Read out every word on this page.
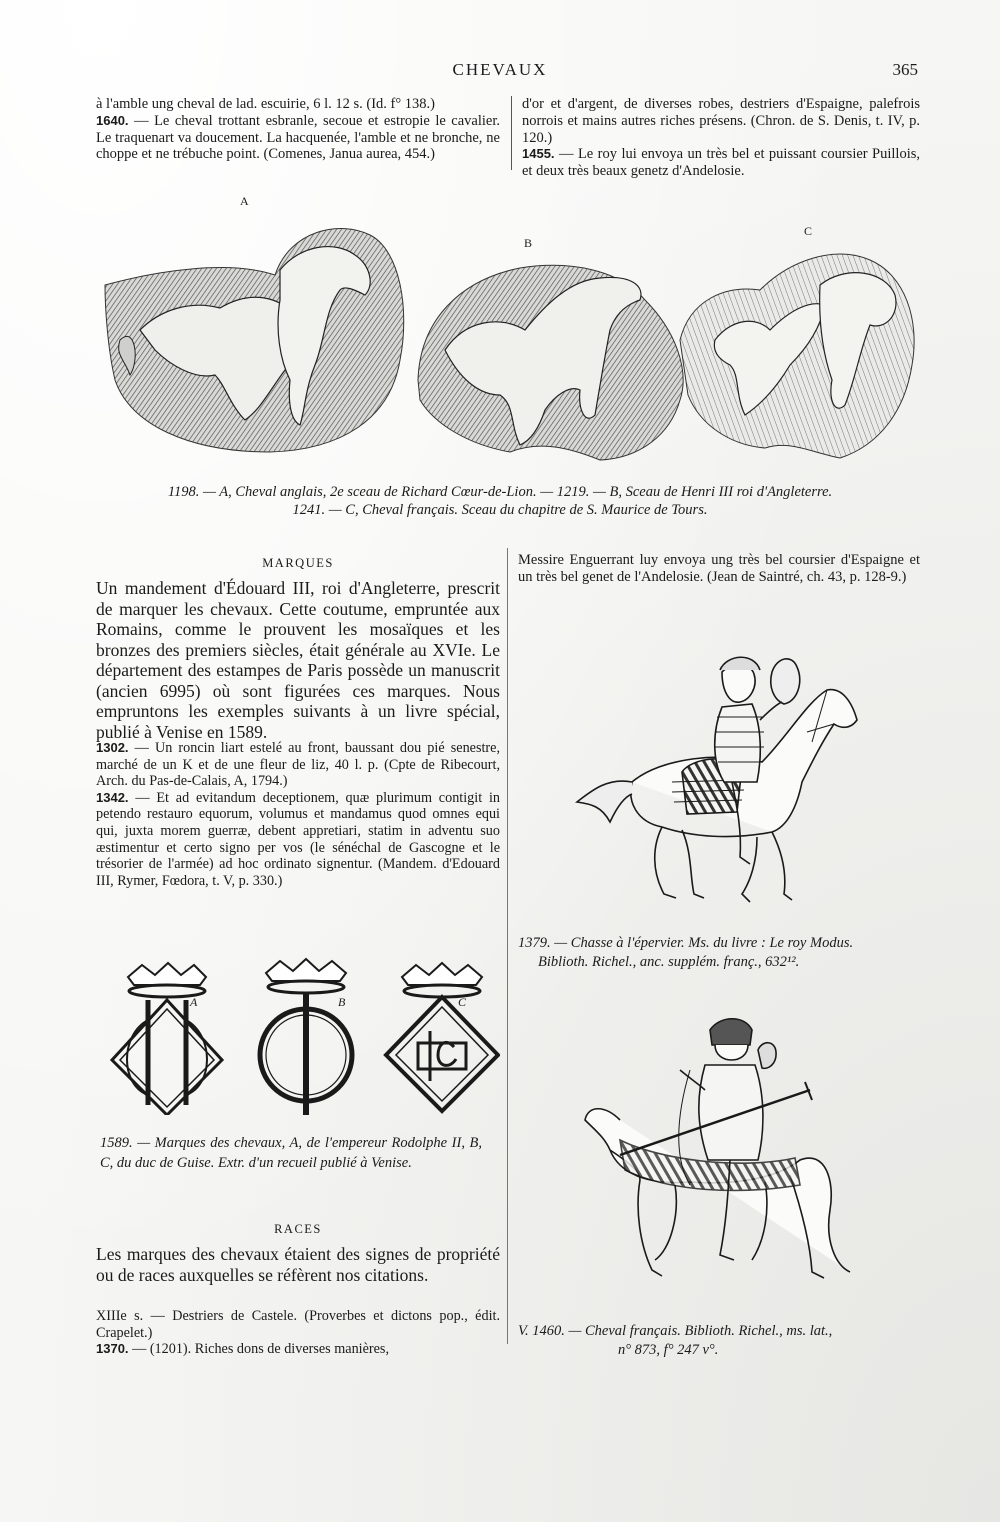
CHEVAUX	365

à l'amble ung cheval de lad. escuirie, 6 l. 12 s. (Id. f° 138.)

1640. — Le cheval trottant esbranle, secoue et estropie le cavalier. Le traquenart va doucement. La hacquenée, l'amble et ne bronche, ne choppe et ne trébuche point. (Comenes, Janua aurea, 454.)

d'or et d'argent, de diverses robes, destriers d'Espaigne, palefrois norrois et mains autres riches présens. (Chron. de S. Denis, t. IV, p. 120.)

1455. — Le roy lui envoya un très bel et puissant coursier Puillois, et deux très beaux genetz d'Andelosie.

A
B
C
1198. — A, Cheval anglais, 2e sceau de Richard Cœur-de-Lion. — 1219. — B, Sceau de Henri III roi d'Angleterre.
1241. — C, Cheval français. Sceau du chapitre de S. Maurice de Tours.
MARQUES
Un mandement d'Édouard III, roi d'Angleterre, prescrit de marquer les chevaux. Cette coutume, empruntée aux Romains, comme le prouvent les mosaïques et les bronzes des premiers siècles, était générale au XVIe. Le département des estampes de Paris possède un manuscrit (ancien 6995) où sont figurées ces marques. Nous empruntons les exemples suivants à un livre spécial, publié à Venise en 1589.

1302. — Un roncin liart estelé au front, baussant dou pié senestre, marché de un K et de une fleur de liz, 40 l. p. (Cpte de Ribecourt, Arch. du Pas-de-Calais, A, 1794.)

1342. — Et ad evitandum deceptionem, quæ plurimum contigit in petendo restauro equorum, volumus et mandamus quod omnes equi qui, juxta morem guerræ, debent appretiari, statim in adventu suo æstimentur et certo signo per vos (le sénéchal de Gascogne et le trésorier de l'armée) ad hoc ordinato signentur. (Mandem. d'Edouard III, Rymer, Fœdora, t. V, p. 330.)

A	B	C
1589. — Marques des chevaux, A, de l'empereur Rodolphe II, B, C, du duc de Guise. Extr. d'un recueil publié à Venise.
RACES
Les marques des chevaux étaient des signes de propriété ou de races auxquelles se réfèrent nos citations.

XIIIe s. — Destriers de Castele. (Proverbes et dictons pop., édit. Crapelet.)

1370. — (1201). Riches dons de diverses manières,

Messire Enguerrant luy envoya ung très bel coursier d'Espaigne et un très bel genet de l'Andelosie. (Jean de Saintré, ch. 43, p. 128-9.)
1379. — Chasse à l'épervier. Ms. du livre : Le roy Modus.
Biblioth. Richel., anc. supplém. franç., 632¹².
V. 1460. — Cheval français. Biblioth. Richel., ms. lat.,
n° 873, f° 247 v°.
